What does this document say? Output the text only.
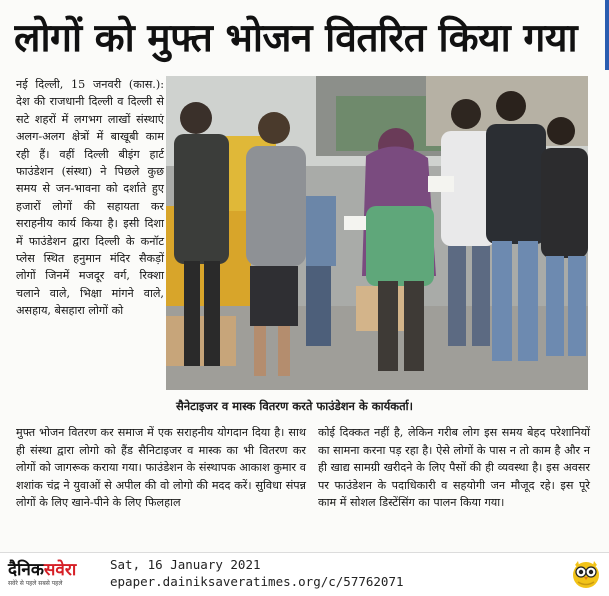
लोगों को मुफ्त भोजन वितरित किया गया

नई दिल्ली, 15 जनवरी (कास.): देश की राजधानी दिल्ली व दिल्ली से सटे शहरों में लगभग लाखों संस्थाएं अलग-अलग क्षेत्रों में बाखूबी काम रही हैं। वहीं दिल्ली बीइंग हार्ट फाउंडेशन (संस्था) ने पिछले कुछ समय से जन-भावना को दर्शाते हुए हजारों लोगों की सहायता कर सराहनीय कार्य किया है। इसी दिशा में फाउंडेशन द्वारा दिल्ली के कनॉट प्लेस स्थित हनुमान मंदिर सैकड़ों लोगों जिनमें मजदूर वर्ग, रिक्शा चलाने वाले, भिक्षा मांगने वाले, असहाय, बेसहारा लोगों को

सैनेटाइजर व मास्क वितरण करते फाउंडेशन के कार्यकर्ता।

मुफ्त भोजन वितरण कर समाज में एक सराहनीय योगदान दिया है। साथ ही संस्था द्वारा लोगो को हैंड सैनिटाइजर व मास्क का भी वितरण कर लोगों को जागरूक कराया गया। फाउंडेशन के संस्थापक आकाश कुमार व शशांक चंद्र ने युवाओं से अपील की वो लोगो की मदद करें। सुविधा संपन्न लोगों के लिए खाने-पीने के लिए फिलहाल

कोई दिक्कत नहीं है, लेकिन गरीब लोग इस समय बेहद परेशानियों का सामना करना पड़ रहा है। ऐसे लोगों के पास न तो काम है और न ही खाद्य सामग्री खरीदने के लिए पैसों की ही व्यवस्था है। इस अवसर पर फाउंडेशन के पदाधिकारी व सहयोगी जन मौजूद रहे। इस पूरे काम में सोशल डिस्टेंसिंग का पालन किया गया।

दैनिकसवेरा
सवेरे से पहले सबसे पहले
Sat, 16 January 2021
epaper.dainiksaveratimes.org/c/57762071
